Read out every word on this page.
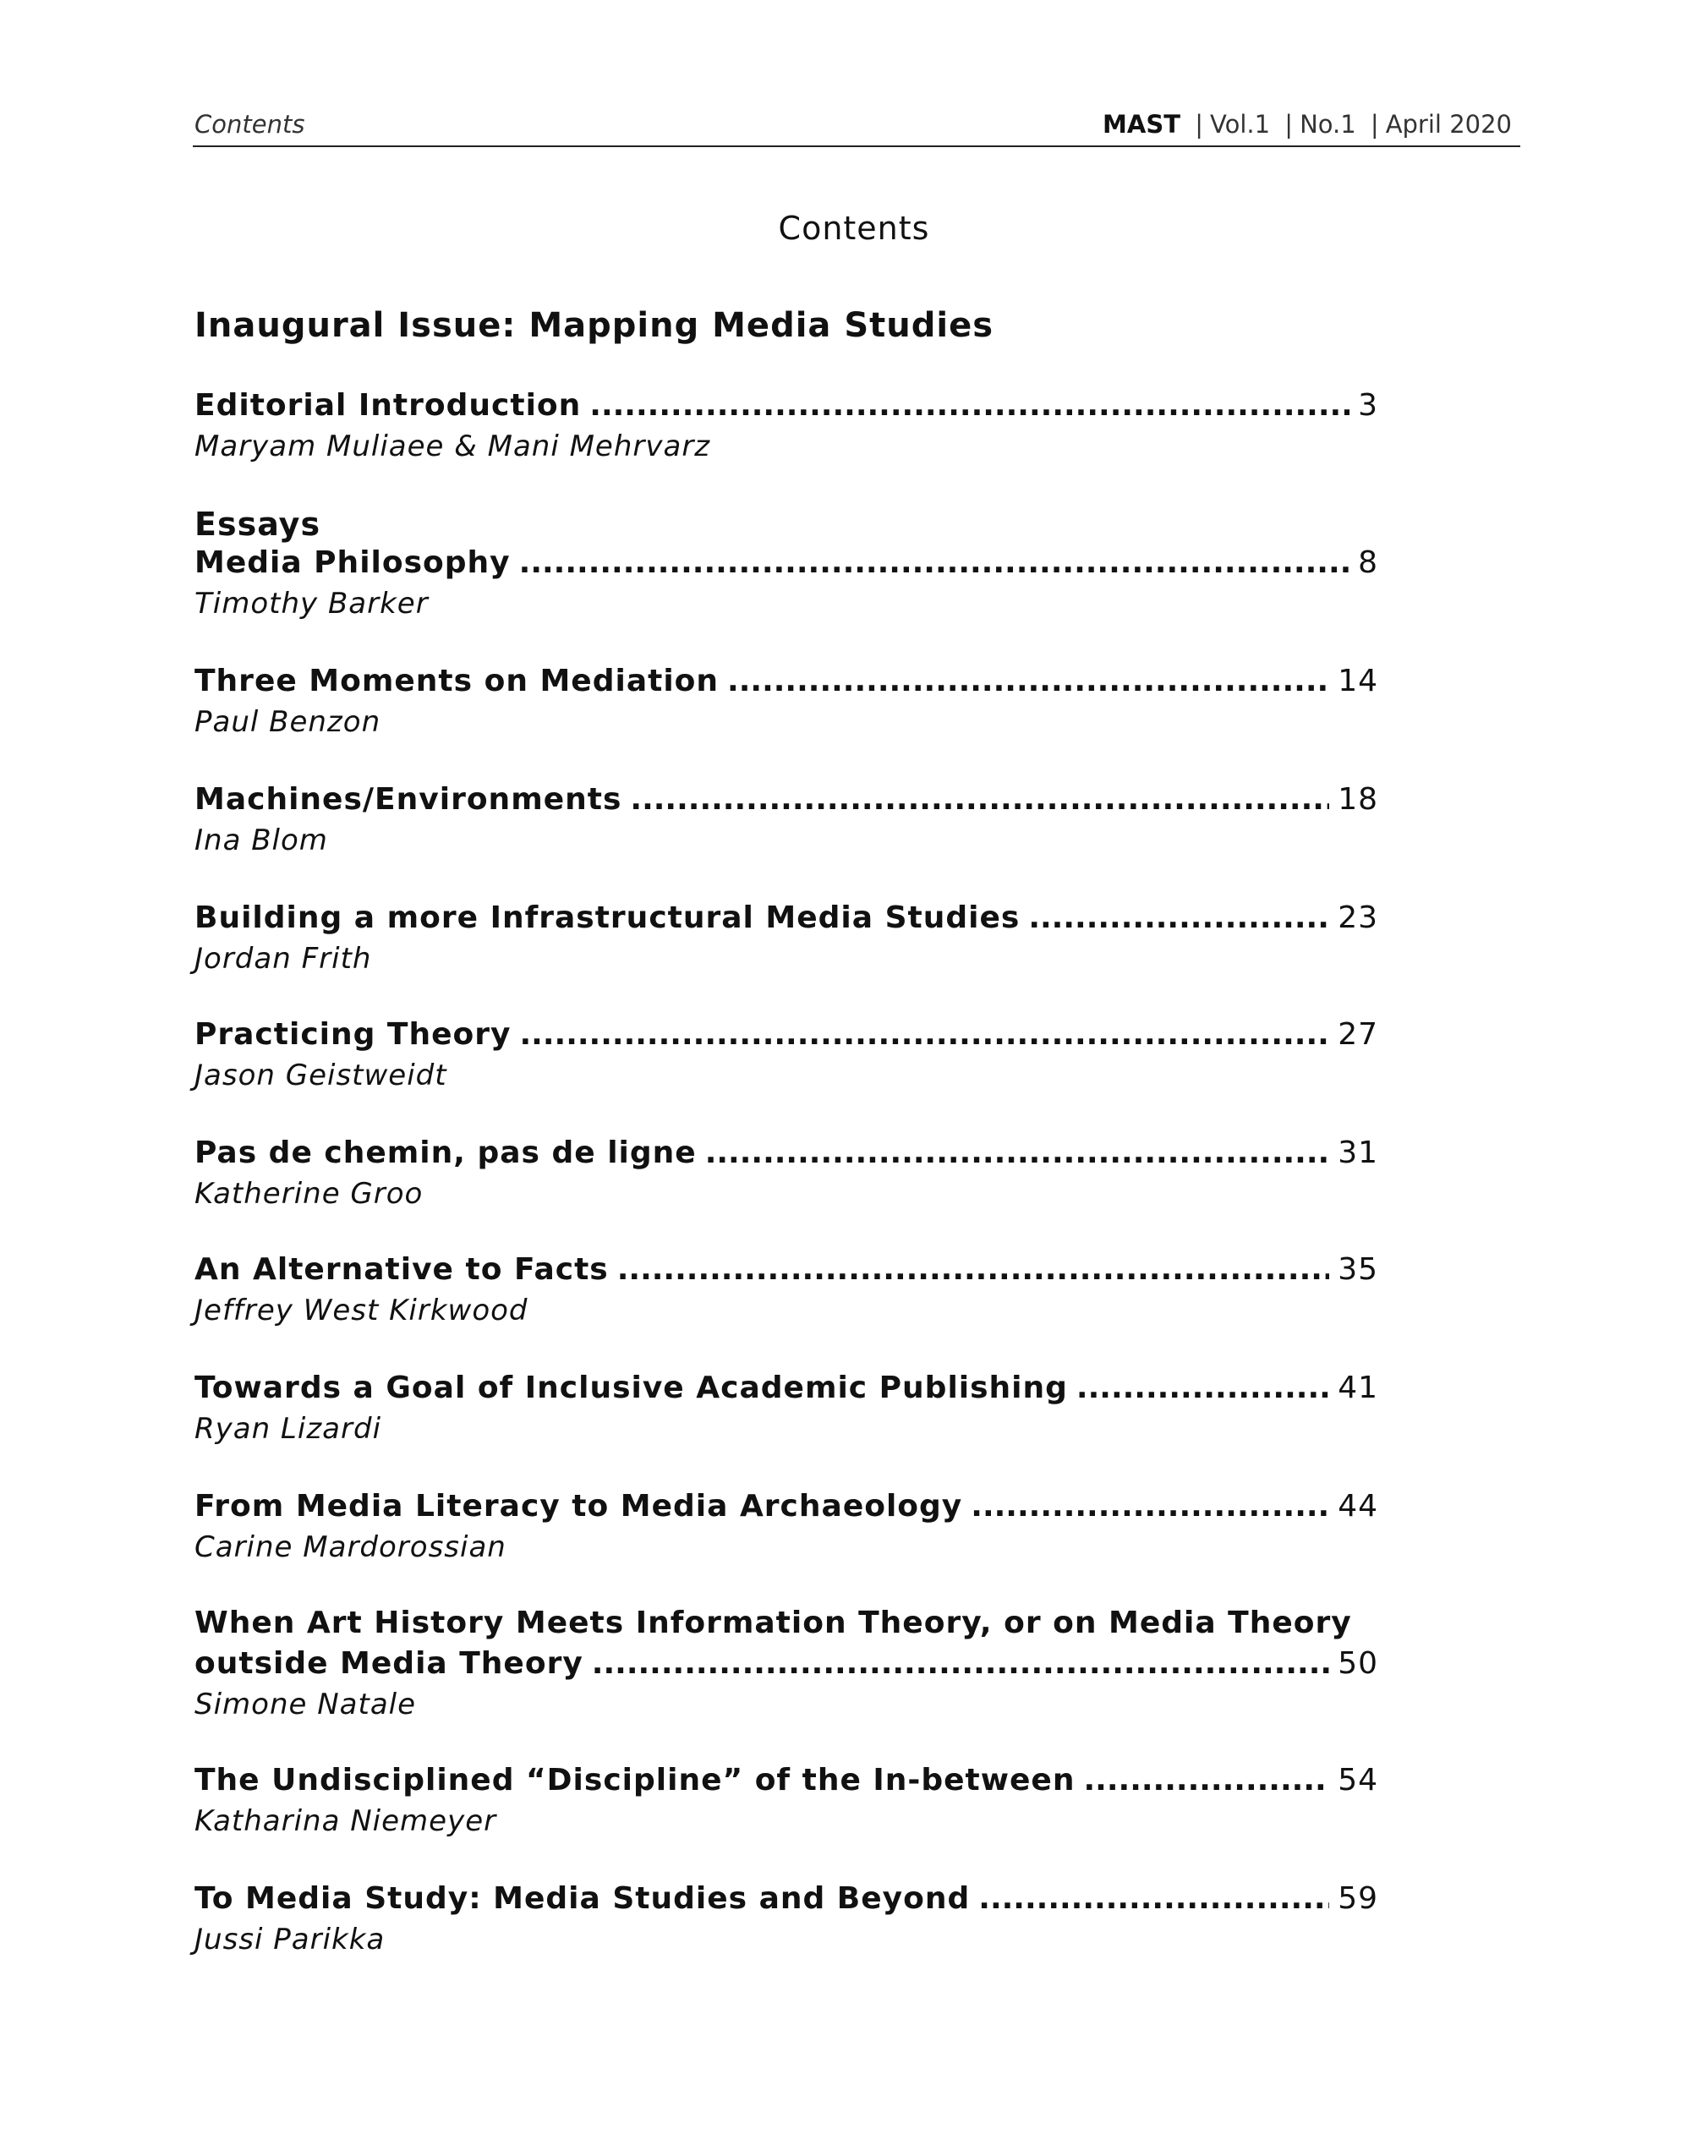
Contents	MAST | Vol.1 | No.1 | April 2020
Contents
Inaugural Issue: Mapping Media Studies
Essays
Editorial Introduction .....	3
Maryam Muliaee & Mani Mehrvarz
Media Philosophy .....	8
Timothy Barker
Three Moments on Mediation .....	14
Paul Benzon
Machines/Environments .....	18
Ina Blom
Building a more Infrastructural Media Studies .....	23
Jordan Frith
Practicing Theory .....	27
Jason Geistweidt
Pas de chemin, pas de ligne .....	31
Katherine Groo
An Alternative to Facts .....	35
Jeffrey West Kirkwood
Towards a Goal of Inclusive Academic Publishing .....	41
Ryan Lizardi
From Media Literacy to Media Archaeology .....	44
Carine Mardorossian
When Art History Meets Information Theory, or on Media Theory
outside Media Theory .....	50
Simone Natale
The Undisciplined “Discipline” of the In-between .....	54
Katharina Niemeyer
To Media Study: Media Studies and Beyond .....	59
Jussi Parikka
